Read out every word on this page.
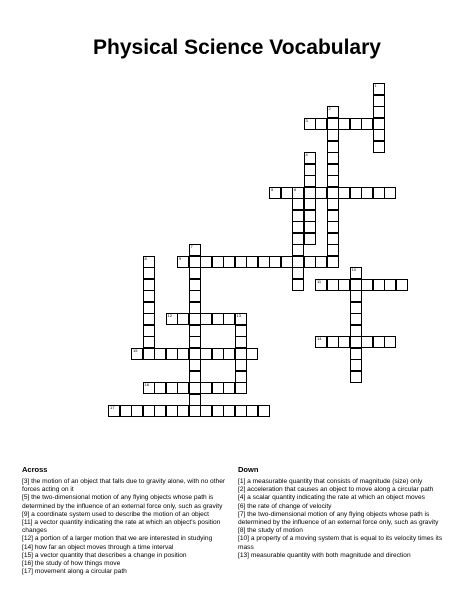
Physical Science Vocabulary
1
2
3
4
5	6
7
8	9
10
11
12	13
14
15
16
17
Across
[3] the motion of an object that falls due to gravity alone, with no other forces acting on it
[5] the two-dimensional motion of any flying objects whose path is determined by the influence of an external force only, such as gravity
[9] a coordinate system used to describe the motion of an object
[11] a vector quantity indicating the rate at which an object's position changes
[12] a portion of a larger motion that we are interested in studying
[14] how far an object moves through a time interval
[15] a vector quantity that describes a change in position
[16] the study of how things move
[17] movement along a circular path
Down
[1] a measurable quantity that consists of magnitude (size) only
[2] acceleration that causes an object to move along a circular path
[4] a scalar quantity indicating the rate at which an object moves
[6] the rate of change of velocity
[7] the two-dimensional motion of any flying objects whose path is determined by the influence of an external force only, such as gravity
[8] the study of motion
[10] a property of a moving system that is equal to its velocity times its mass
[13] measurable quantity with both magnitude and direction
